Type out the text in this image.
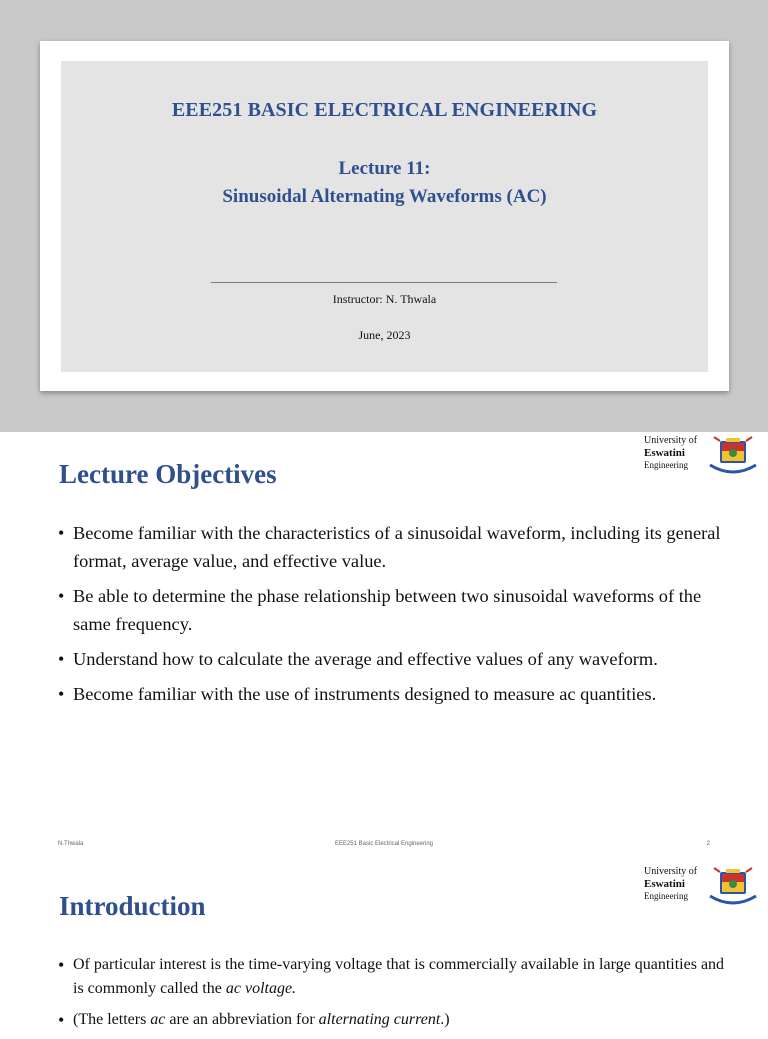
EEE251 BASIC ELECTRICAL ENGINEERING
Lecture 11:
Sinusoidal Alternating Waveforms (AC)
Instructor: N. Thwala
June, 2023
University of
Eswatini
Engineering
Lecture Objectives
• Become familiar with the characteristics of a sinusoidal waveform, including its general format, average value, and effective value.
• Be able to determine the phase relationship between two sinusoidal waveforms of the same frequency.
• Understand how to calculate the average and effective values of any waveform.
• Become familiar with the use of instruments designed to measure ac quantities.
EEE251 Basic Electrical Engineering
N.Thwala	2
University of
Eswatini
Engineering
Introduction
• Of particular interest is the time-varying voltage that is commercially available in large quantities and is commonly called the ac voltage.
• (The letters ac are an abbreviation for alternating current.)
